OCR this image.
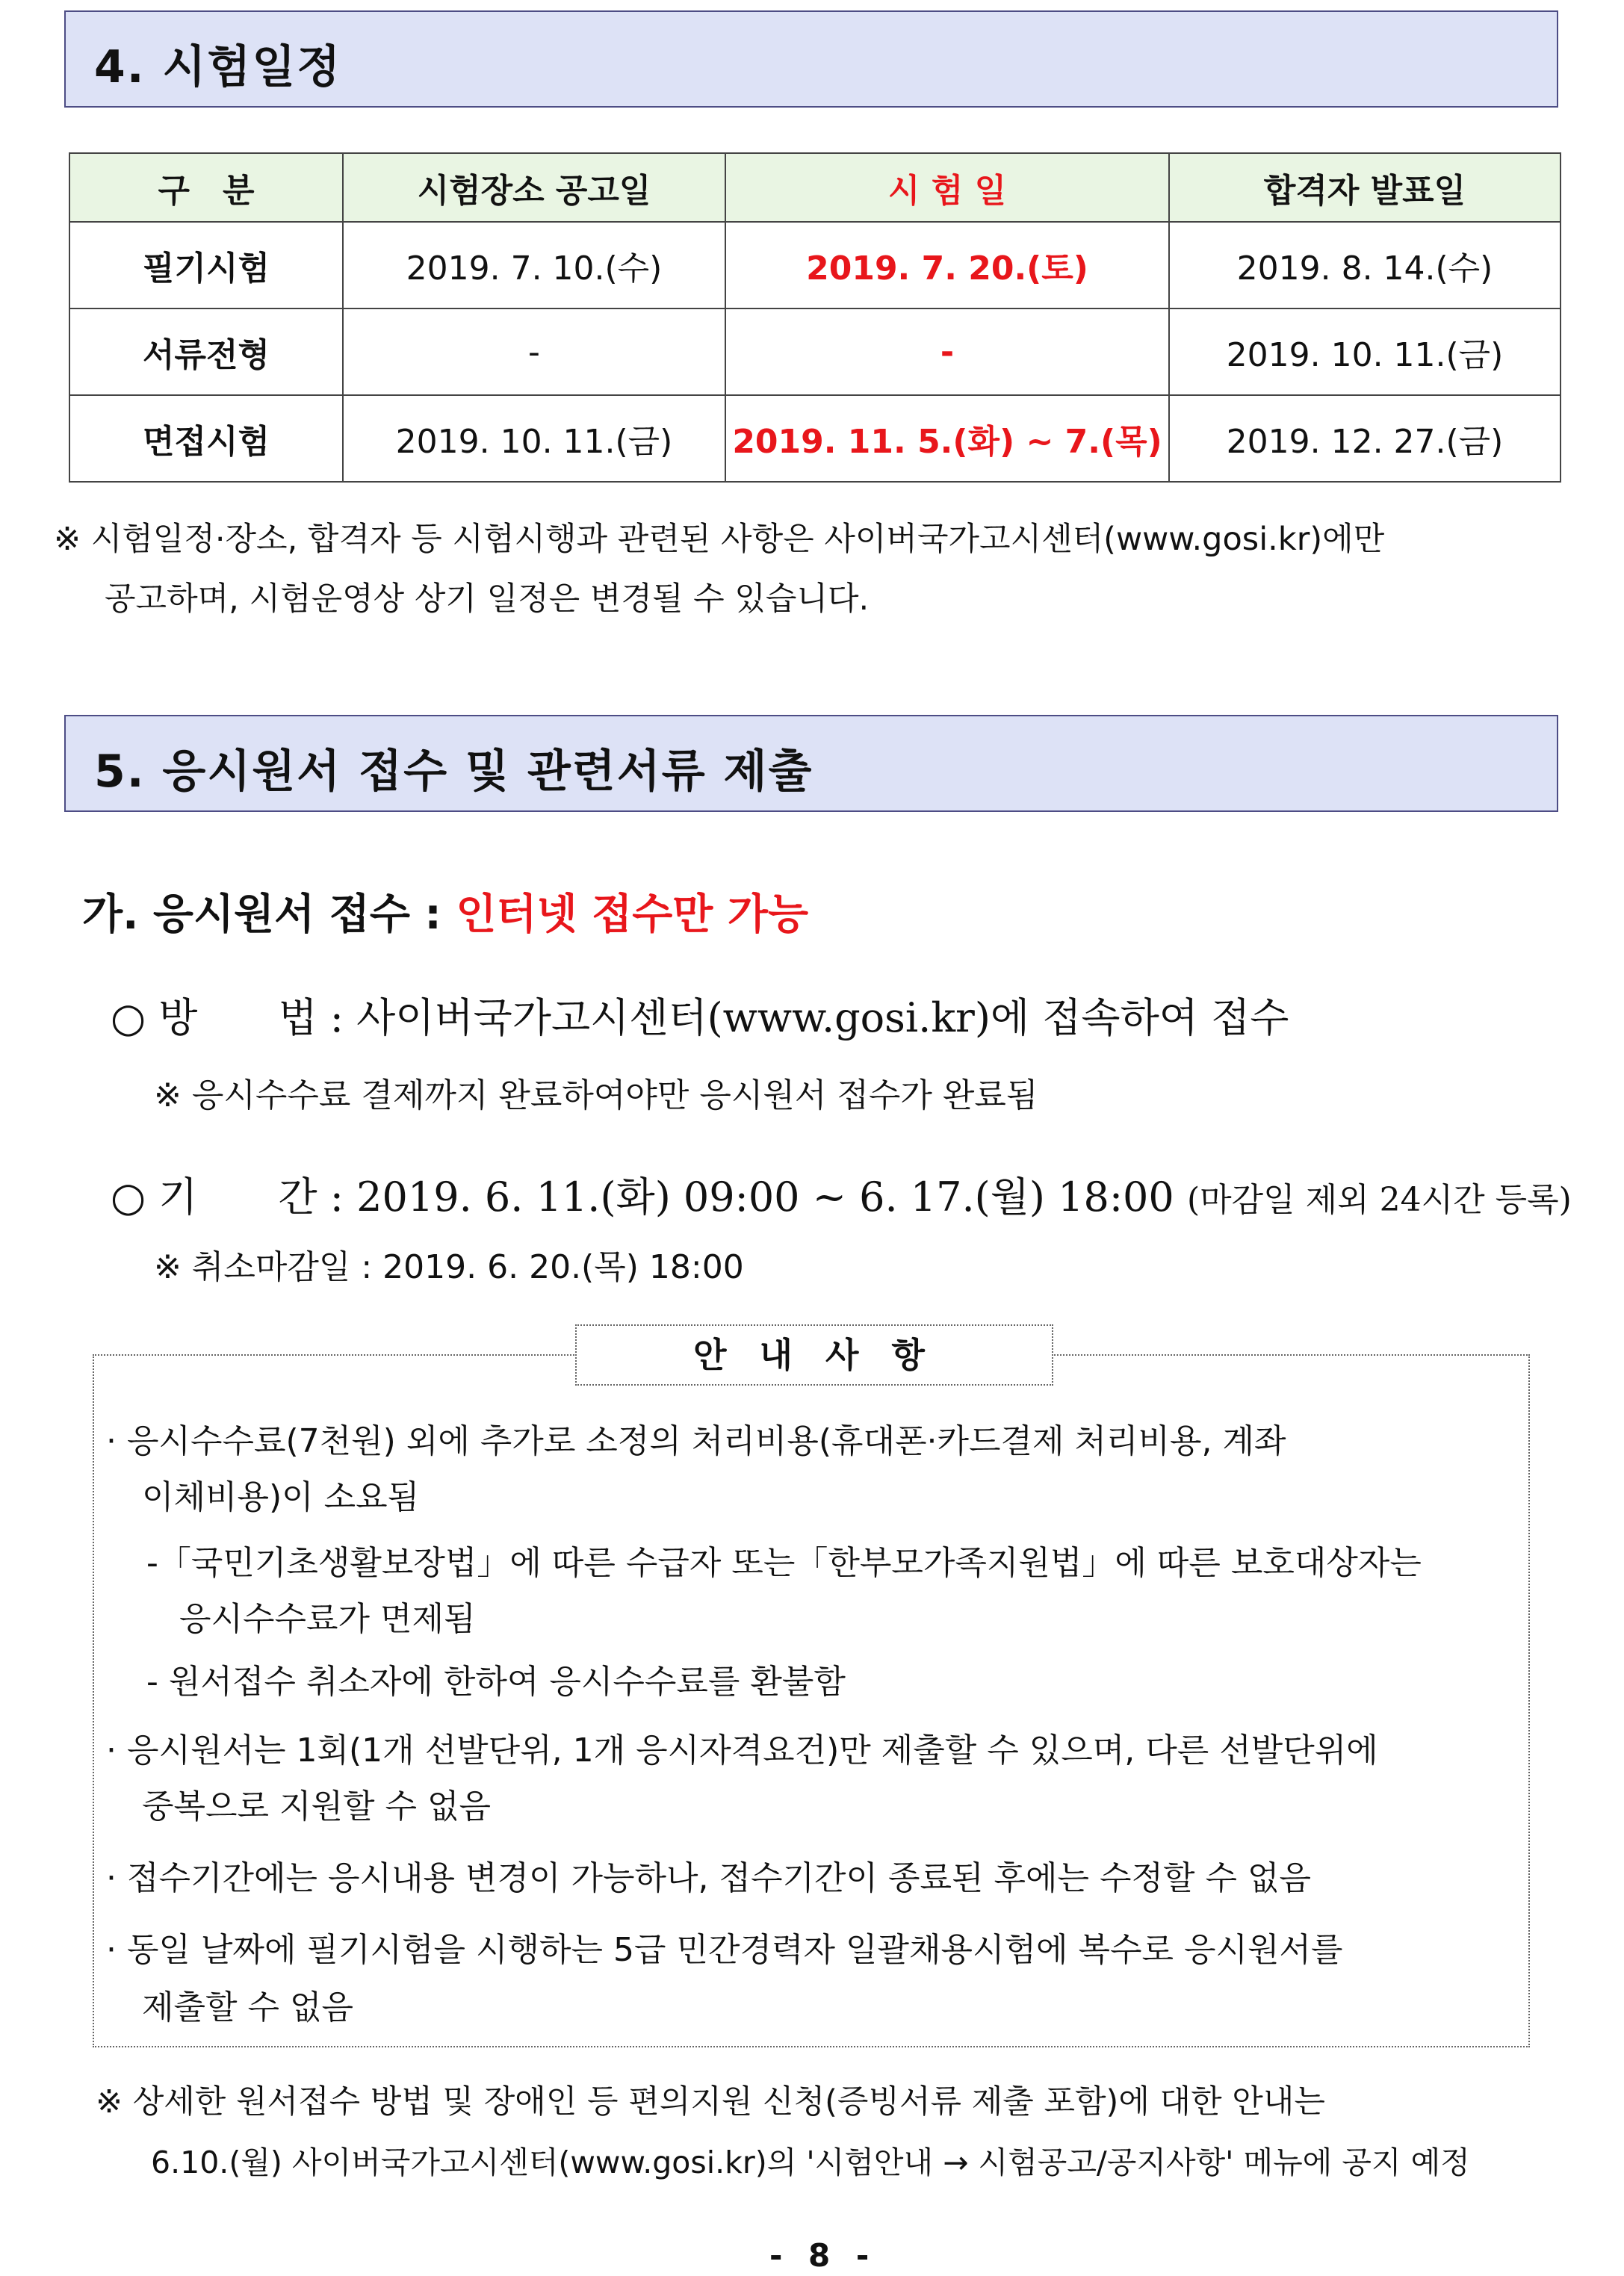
4. 시험일정
구　분	시험장소 공고일	시 험 일	합격자 발표일
필기시험	2019. 7. 10.(수)	2019. 7. 20.(토)	2019. 8. 14.(수)
서류전형	-	-	2019. 10. 11.(금)
면접시험	2019. 10. 11.(금)	2019. 11. 5.(화) ~ 7.(목)	2019. 12. 27.(금)
※ 시험일정·장소, 합격자 등 시험시행과 관련된 사항은 사이버국가고시센터(www.gosi.kr)에만
공고하며, 시험운영상 상기 일정은 변경될 수 있습니다.
5. 응시원서 접수 및 관련서류 제출
가. 응시원서 접수 : 인터넷 접수만 가능
○ 방　　법 : 사이버국가고시센터(www.gosi.kr)에 접속하여 접수
※ 응시수수료 결제까지 완료하여야만 응시원서 접수가 완료됨
○ 기　　간 : 2019. 6. 11.(화) 09:00 ~ 6. 17.(월) 18:00 (마감일 제외 24시간 등록)
※ 취소마감일 : 2019. 6. 20.(목) 18:00
안 내 사 항
· 응시수수료(7천원) 외에 추가로 소정의 처리비용(휴대폰·카드결제 처리비용, 계좌
이체비용)이 소요됨
-「국민기초생활보장법」에 따른 수급자 또는「한부모가족지원법」에 따른 보호대상자는
응시수수료가 면제됨
- 원서접수 취소자에 한하여 응시수수료를 환불함
· 응시원서는 1회(1개 선발단위, 1개 응시자격요건)만 제출할 수 있으며, 다른 선발단위에
중복으로 지원할 수 없음
· 접수기간에는 응시내용 변경이 가능하나, 접수기간이 종료된 후에는 수정할 수 없음
· 동일 날짜에 필기시험을 시행하는 5급 민간경력자 일괄채용시험에 복수로 응시원서를
제출할 수 없음
※ 상세한 원서접수 방법 및 장애인 등 편의지원 신청(증빙서류 제출 포함)에 대한 안내는
6.10.(월) 사이버국가고시센터(www.gosi.kr)의 '시험안내 → 시험공고/공지사항' 메뉴에 공지 예정
- 8 -
